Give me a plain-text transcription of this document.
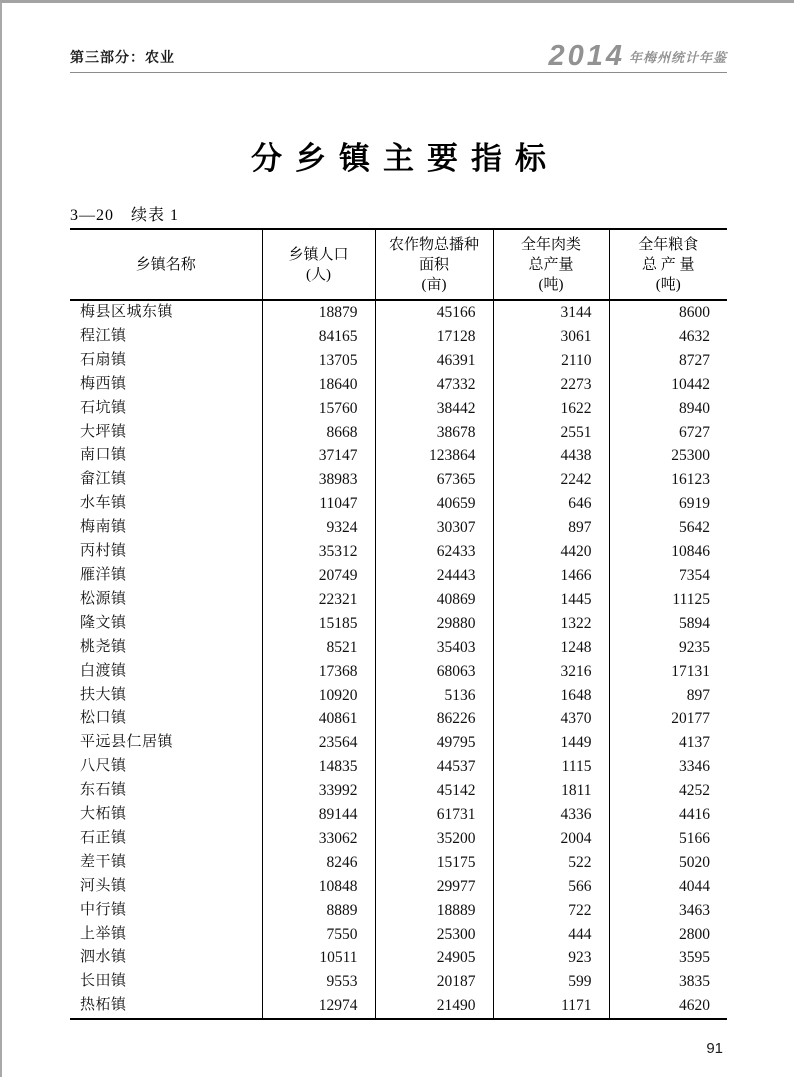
第三部分：农业	2014 年梅州统计年鉴
分乡镇主要指标
3—20　续表 1
乡镇名称

乡镇人口
(人)

农作物总播种
面积
(亩)

全年肉类
总产量
(吨)

全年粮食
总 产 量
(吨)

梅县区城东镇	18879	45166	3144	8600
程江镇	84165	17128	3061	4632
石扇镇	13705	46391	2110	8727
梅西镇	18640	47332	2273	10442
石坑镇	15760	38442	1622	8940
大坪镇	8668	38678	2551	6727
南口镇	37147	123864	4438	25300
畲江镇	38983	67365	2242	16123
水车镇	11047	40659	646	6919
梅南镇	9324	30307	897	5642
丙村镇	35312	62433	4420	10846
雁洋镇	20749	24443	1466	7354
松源镇	22321	40869	1445	11125
隆文镇	15185	29880	1322	5894
桃尧镇	8521	35403	1248	9235
白渡镇	17368	68063	3216	17131
扶大镇	10920	5136	1648	897
松口镇	40861	86226	4370	20177
平远县仁居镇	23564	49795	1449	4137
八尺镇	14835	44537	1115	3346
东石镇	33992	45142	1811	4252
大柘镇	89144	61731	4336	4416
石正镇	33062	35200	2004	5166
差干镇	8246	15175	522	5020
河头镇	10848	29977	566	4044
中行镇	8889	18889	722	3463
上举镇	7550	25300	444	2800
泗水镇	10511	24905	923	3595
长田镇	9553	20187	599	3835
热柘镇	12974	21490	1171	4620
91
